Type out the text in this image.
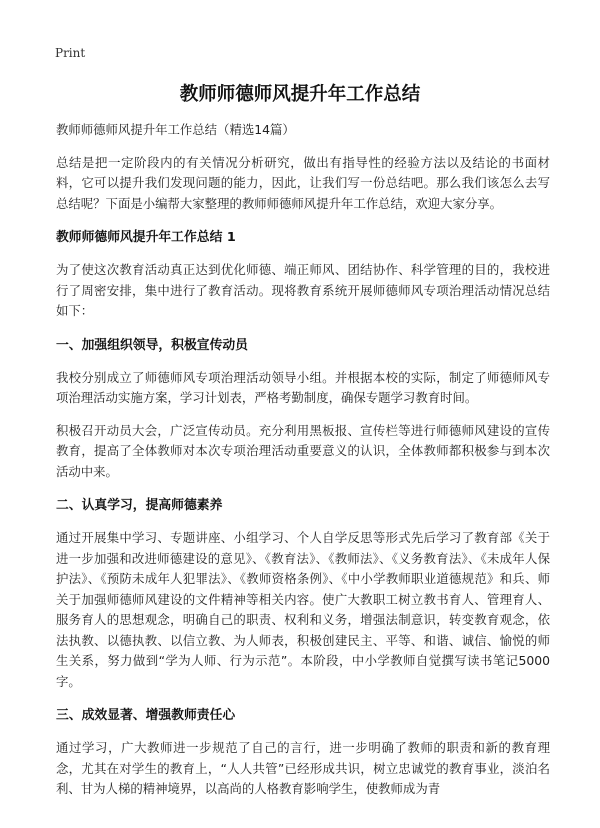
Print
教师师德师风提升年工作总结

教师师德师风提升年工作总结（精选14篇）

总结是把一定阶段内的有关情况分析研究，做出有指导性的经验方法以及结论的书面材料，它可以提升我们发现问题的能力，因此，让我们写一份总结吧。那么我们该怎么去写总结呢？下面是小编帮大家整理的教师师德师风提升年工作总结，欢迎大家分享。

教师师德师风提升年工作总结 1

为了使这次教育活动真正达到优化师德、端正师风、团结协作、科学管理的目的，我校进行了周密安排，集中进行了教育活动。现将教育系统开展师德师风专项治理活动情况总结如下：

一、加强组织领导，积极宣传动员

我校分别成立了师德师风专项治理活动领导小组。并根据本校的实际，制定了师德师风专项治理活动实施方案，学习计划表，严格考勤制度，确保专题学习教育时间。

积极召开动员大会，广泛宣传动员。充分利用黑板报、宣传栏等进行师德师风建设的宣传教育，提高了全体教师对本次专项治理活动重要意义的认识，全体教师都积极参与到本次活动中来。

二、认真学习，提高师德素养

通过开展集中学习、专题讲座、小组学习、个人自学反思等形式先后学习了教育部《关于进一步加强和改进师德建设的意见》、《教育法》、《教师法》、《义务教育法》、《未成年人保护法》、《预防未成年人犯罪法》、《教师资格条例》、《中小学教师职业道德规范》和兵、师关于加强师德师风建设的文件精神等相关内容。使广大教职工树立教书育人、管理育人、服务育人的思想观念，明确自己的职责、权利和义务，增强法制意识，转变教育观念，依法执教、以德执教、以信立教、为人师表，积极创建民主、平等、和谐、诚信、愉悦的师生关系，努力做到“学为人师、行为示范”。本阶段，中小学教师自觉撰写读书笔记5000字。

三、成效显著、增强教师责任心

通过学习，广大教师进一步规范了自己的言行，进一步明确了教师的职责和新的教育理念，尤其在对学生的教育上，“人人共管”已经形成共识，树立忠诚党的教育事业，淡泊名利、甘为人梯的精神境界，以高尚的人格教育影响学生，使教师成为青
